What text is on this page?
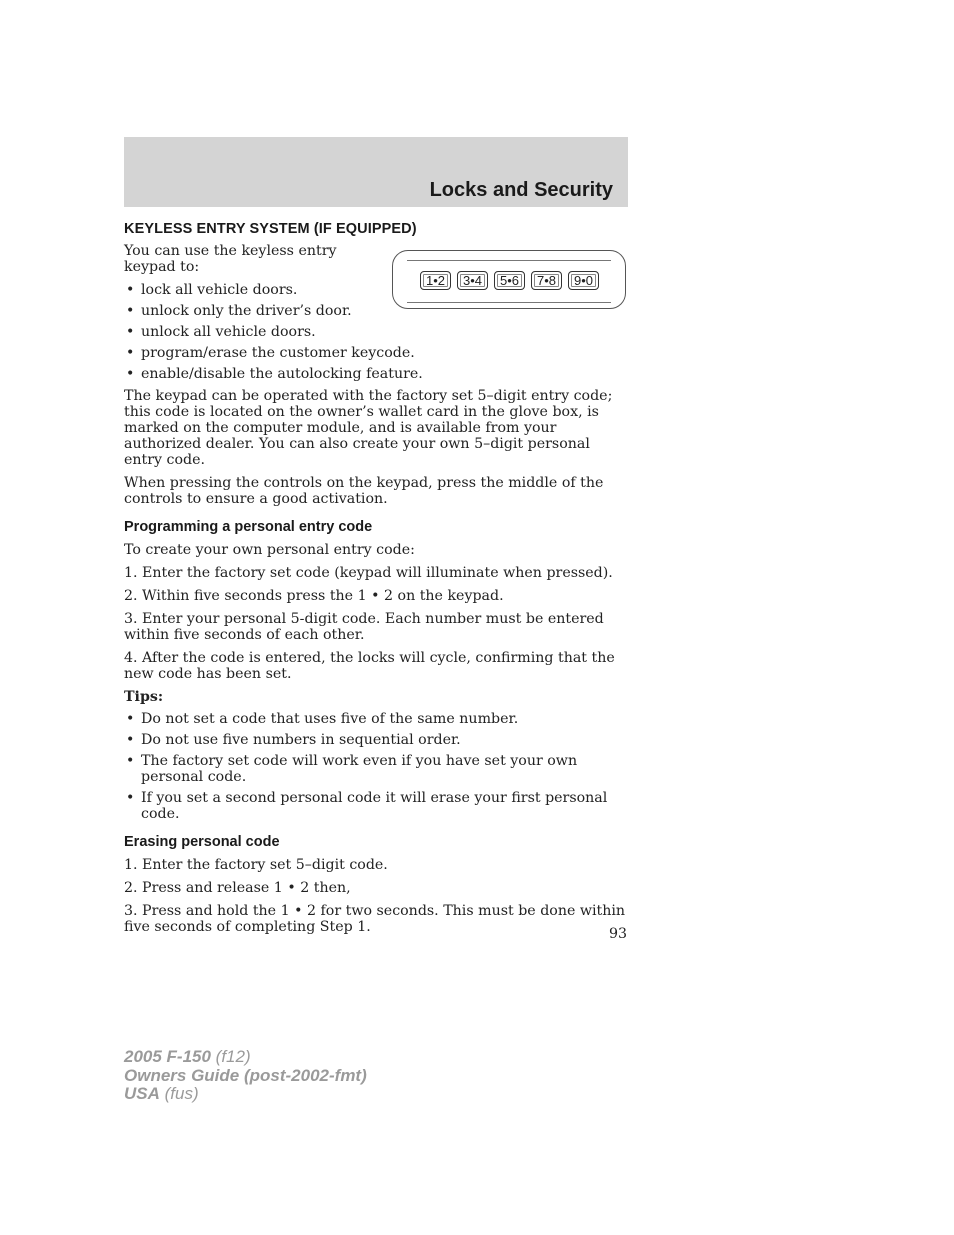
Locks and Security
1•2	3•4	5•6	7•8	9•0
KEYLESS ENTRY SYSTEM (IF EQUIPPED)

You can use the keyless entry keypad to:

• lock all vehicle doors.
• unlock only the driver’s door.
• unlock all vehicle doors.
• program/erase the customer keycode.
• enable/disable the autolocking feature.

The keypad can be operated with the factory set 5–digit entry code; this code is located on the owner’s wallet card in the glove box, is marked on the computer module, and is available from your authorized dealer. You can also create your own 5–digit personal entry code.

When pressing the controls on the keypad, press the middle of the controls to ensure a good activation.

Programming a personal entry code

To create your own personal entry code:

1. Enter the factory set code (keypad will illuminate when pressed).

2. Within five seconds press the 1 • 2 on the keypad.

3. Enter your personal 5-digit code. Each number must be entered within five seconds of each other.

4. After the code is entered, the locks will cycle, confirming that the new code has been set.

Tips:
• Do not set a code that uses five of the same number.
• Do not use five numbers in sequential order.
• The factory set code will work even if you have set your own personal code.
• If you set a second personal code it will erase your first personal code.
Erasing personal code

1. Enter the factory set 5–digit code.

2. Press and release 1 • 2 then,

3. Press and hold the 1 • 2 for two seconds. This must be done within five seconds of completing Step 1.	93
2005 F-150 (f12)
Owners Guide (post-2002-fmt)
USA (fus)
